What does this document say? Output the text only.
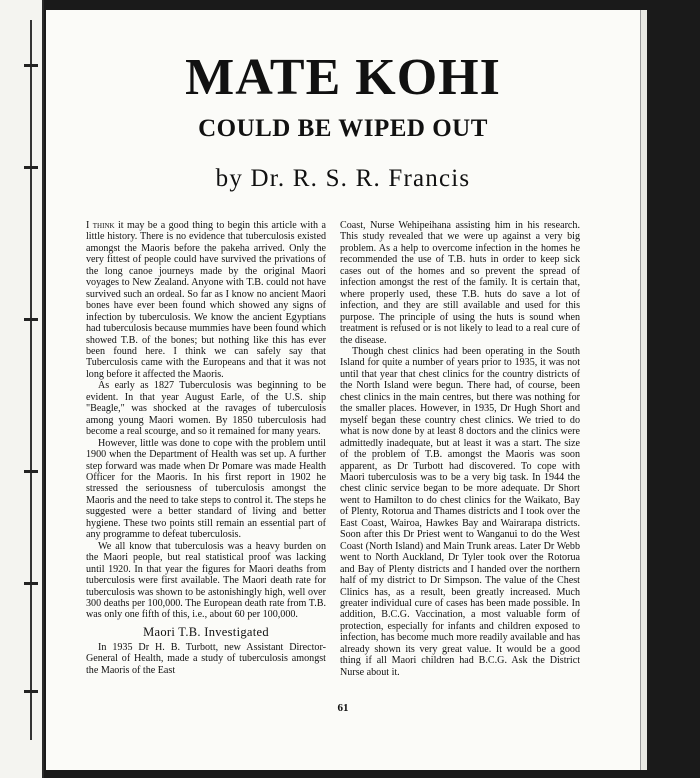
MATE KOHI
COULD BE WIPED OUT
by Dr. R. S. R. Francis

I think it may be a good thing to begin this article with a little history. There is no evidence that tuberculosis existed amongst the Maoris before the pakeha arrived. Only the very fittest of people could have survived the privations of the long canoe journeys made by the original Maori voyages to New Zealand. Anyone with T.B. could not have survived such an ordeal. So far as I know no ancient Maori bones have ever been found which showed any signs of infection by tuberculosis. We know the ancient Egyptians had tuberculosis because mummies have been found which showed T.B. of the bones; but nothing like this has ever been found here. I think we can safely say that Tuberculosis came with the Europeans and that it was not long before it affected the Maoris.

As early as 1827 Tuberculosis was beginning to be evident. In that year August Earle, of the U.S. ship "Beagle," was shocked at the ravages of tuberculosis among young Maori women. By 1850 tuberculosis had become a real scourge, and so it remained for many years.

However, little was done to cope with the problem until 1900 when the Department of Health was set up. A further step forward was made when Dr Pomare was made Health Officer for the Maoris. In his first report in 1902 he stressed the seriousness of tuberculosis amongst the Maoris and the need to take steps to control it. The steps he suggested were a better standard of living and better hygiene. These two points still remain an essential part of any programme to defeat tuberculosis.

We all know that tuberculosis was a heavy burden on the Maori people, but real statistical proof was lacking until 1920. In that year the figures for Maori deaths from tuberculosis were first available. The Maori death rate for tuberculosis was shown to be astonishingly high, well over 300 deaths per 100,000. The European death rate from T.B. was only one fifth of this, i.e., about 60 per 100,000.

Maori T.B. Investigated

In 1935 Dr H. B. Turbott, new Assistant Director-General of Health, made a study of tuberculosis amongst the Maoris of the East

Coast, Nurse Wehipeihana assisting him in his research. This study revealed that we were up against a very big problem. As a help to overcome infection in the homes he recommended the use of T.B. huts in order to keep sick cases out of the homes and so prevent the spread of infection amongst the rest of the family. It is certain that, where properly used, these T.B. huts do save a lot of infection, and they are still available and used for this purpose. The principle of using the huts is sound when treatment is refused or is not likely to lead to a real cure of the disease.

Though chest clinics had been operating in the South Island for quite a number of years prior to 1935, it was not until that year that chest clinics for the country districts of the North Island were begun. There had, of course, been chest clinics in the main centres, but there was nothing for the smaller places. However, in 1935, Dr Hugh Short and myself began these country chest clinics. We tried to do what is now done by at least 8 doctors and the clinics were admittedly inadequate, but at least it was a start. The size of the problem of T.B. amongst the Maoris was soon apparent, as Dr Turbott had discovered. To cope with Maori tuberculosis was to be a very big task. In 1944 the chest clinic service began to be more adequate. Dr Short went to Hamilton to do chest clinics for the Waikato, Bay of Plenty, Rotorua and Thames districts and I took over the East Coast, Wairoa, Hawkes Bay and Wairarapa districts. Soon after this Dr Priest went to Wanganui to do the West Coast (North Island) and Main Trunk areas. Later Dr Webb went to North Auckland, Dr Tyler took over the Rotorua and Bay of Plenty districts and I handed over the northern half of my district to Dr Simpson. The value of the Chest Clinics has, as a result, been greatly increased. Much greater individual cure of cases has been made possible. In addition, B.C.G. Vaccination, a most valuable form of protection, especially for infants and children exposed to infection, has become much more readily available and has already shown its very great value. It would be a good thing if all Maori children had B.C.G. Ask the District Nurse about it.

61
